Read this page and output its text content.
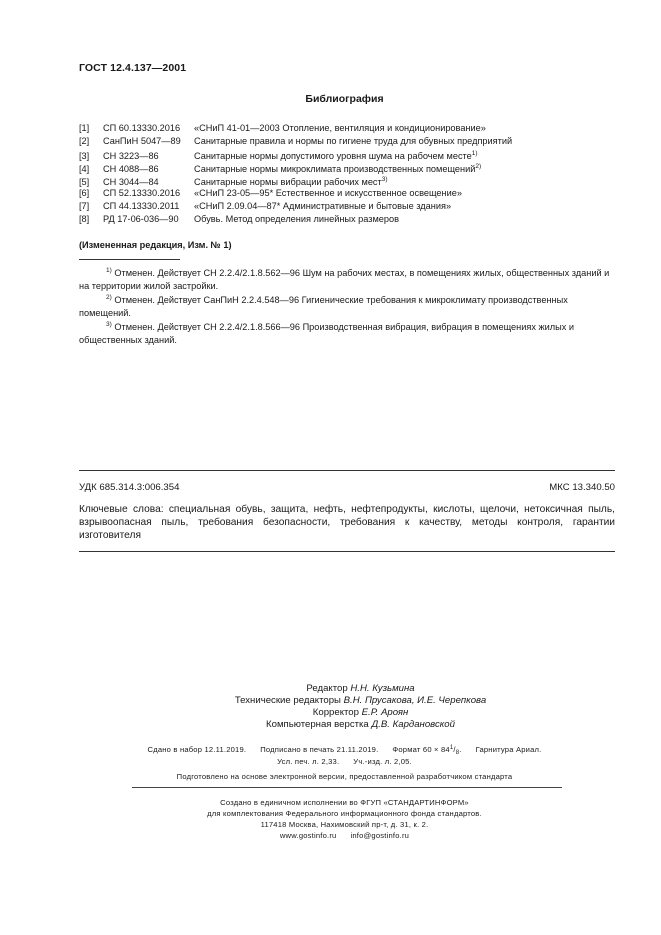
ГОСТ 12.4.137—2001
Библиография
[1] СП 60.13330.2016 «СНиП 41-01—2003 Отопление, вентиляция и кондиционирование»
[2] СанПиН 5047—89 Санитарные правила и нормы по гигиене труда для обувных предприятий
[3] СН 3223—86	Санитарные нормы допустимого уровня шума на рабочем месте$^{1)}$
[4] СН 4088—86	Санитарные нормы микроклимата производственных помещений$^{2)}$
[5] СН 3044—84	Санитарные нормы вибрации рабочих мест$^{3)}$
[6] СП 52.13330.2016 «СНиП 23-05—95* Естественное и искусственное освещение»
[7] СП 44.13330.2011 «СНиП 2.09.04—87* Административные и бытовые здания»
[8] РД 17-06-036—90 Обувь. Метод определения линейных размеров
(Измененная редакция, Изм. № 1)
$^{1)}$ Отменен. Действует СН 2.2.4/2.1.8.562—96 Шум на рабочих местах, в помещениях жилых, общественных зданий и на территории жилой застройки.
$^{2)}$ Отменен. Действует СанПиН 2.2.4.548—96 Гигиенические требования к микроклимату производственных помещений.
$^{3)}$ Отменен. Действует СН 2.2.4/2.1.8.566—96 Производственная вибрация, вибрация в помещениях жилых и общественных зданий.
УДК 685.314.3:006.354	МКС 13.340.50
Ключевые слова: специальная обувь, защита, нефть, нефтепродукты, кислоты, щелочи, нетоксичная пыль, взрывоопасная пыль, требования безопасности, требования к качеству, методы контроля, гарантии изготовителя
Редактор Н.Н. Кузьмина
Технические редакторы В.Н. Прусакова, И.Е. Черепкова
Корректор Е.Р. Ароян
Компьютерная верстка Д.В. Кардановской
Сдано в набор 12.11.2019. Подписано в печать 21.11.2019. Формат $60 \times 84^1/_8$. Гарнитура Ариал.
Усл. печ. л. 2,33. Уч.-изд. л. 2,05.
Подготовлено на основе электронной версии, предоставленной разработчиком стандарта
Создано в единичном исполнении во ФГУП «СТАНДАРТИНФОРМ»
для комплектования Федерального информационного фонда стандартов.
117418 Москва, Нахимовский пр-т, д. 31, к. 2.
www.gostinfo.ru info@gostinfo.ru
